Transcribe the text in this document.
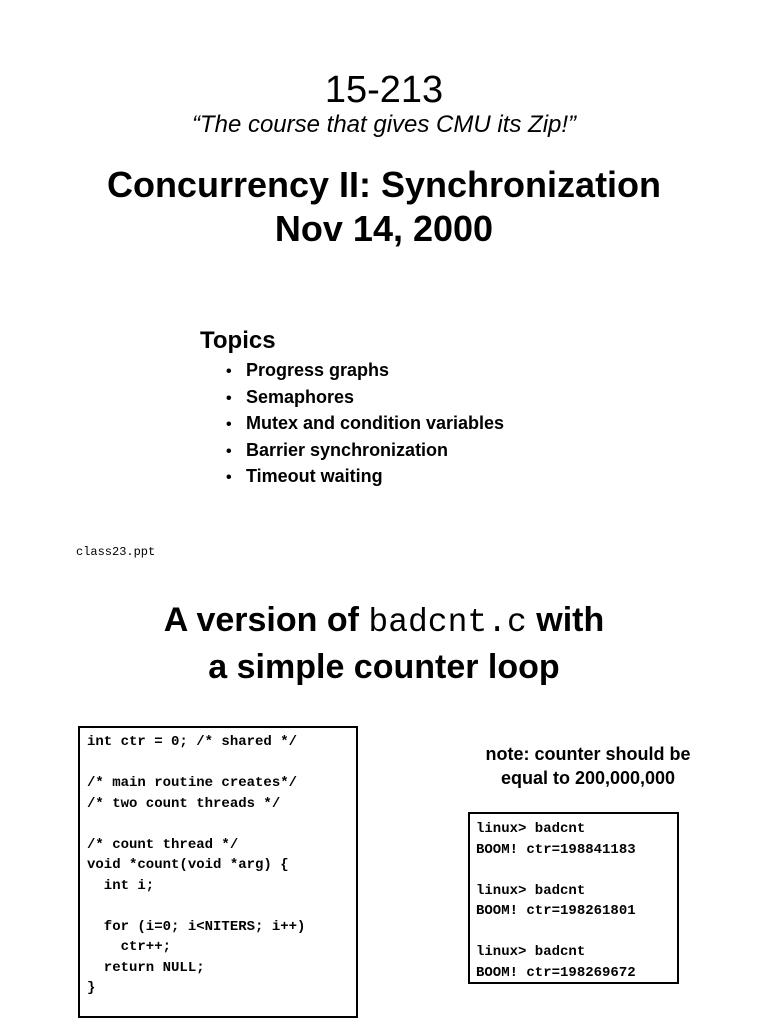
15-213
“The course that gives CMU its Zip!”
Concurrency II: Synchronization
Nov 14, 2000
Topics
• Progress graphs
• Semaphores
• Mutex and condition variables
• Barrier synchronization
• Timeout waiting
class23.ppt
A version of badcnt.c with
a simple counter loop
int ctr = 0; /* shared */
/* main routine creates*/
/* two count threads */
/* count thread */
void *count(void *arg) {
int i;
for (i=0; i<NITERS; i++)
ctr++;
return NULL;
}
note: counter should be
equal to 200,000,000
linux> badcnt
BOOM! ctr=198841183
linux> badcnt
BOOM! ctr=198261801
linux> badcnt
BOOM! ctr=198269672
